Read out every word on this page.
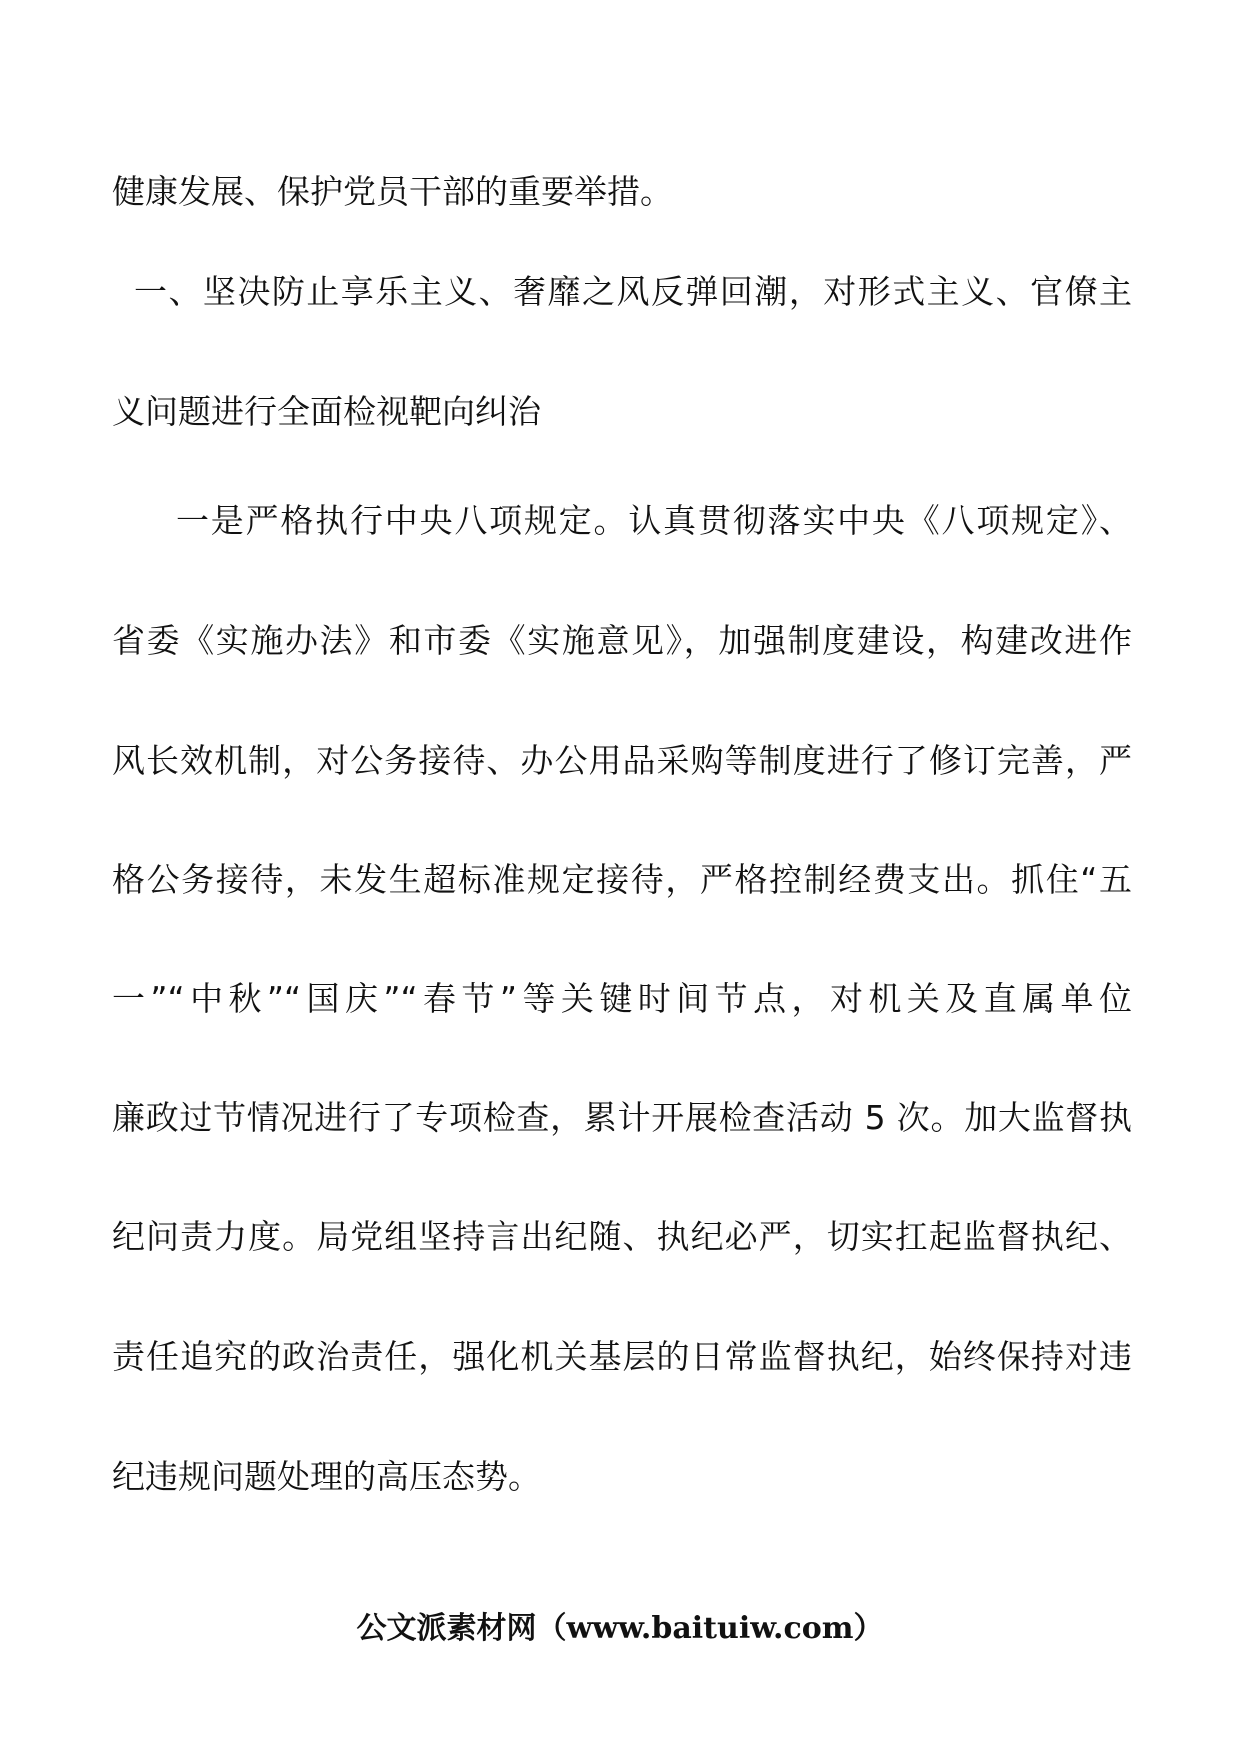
健康发展、保护党员干部的重要举措。
一、坚决防止享乐主义、奢靡之风反弹回潮，对形式主义、官僚主
义问题进行全面检视靶向纠治
一是严格执行中央八项规定。认真贯彻落实中央《八项规定》、
省委《实施办法》和市委《实施意见》，加强制度建设，构建改进作
风长效机制，对公务接待、办公用品采购等制度进行了修订完善，严
格公务接待，未发生超标准规定接待，严格控制经费支出。抓住“五
一”“中秋”“国庆”“春节”等关键时间节点，对机关及直属单位
廉政过节情况进行了专项检查，累计开展检查活动 5 次。加大监督执
纪问责力度。局党组坚持言出纪随、执纪必严，切实扛起监督执纪、
责任追究的政治责任，强化机关基层的日常监督执纪，始终保持对违
纪违规问题处理的高压态势。
公文派素材网（www.baituiw.com）
